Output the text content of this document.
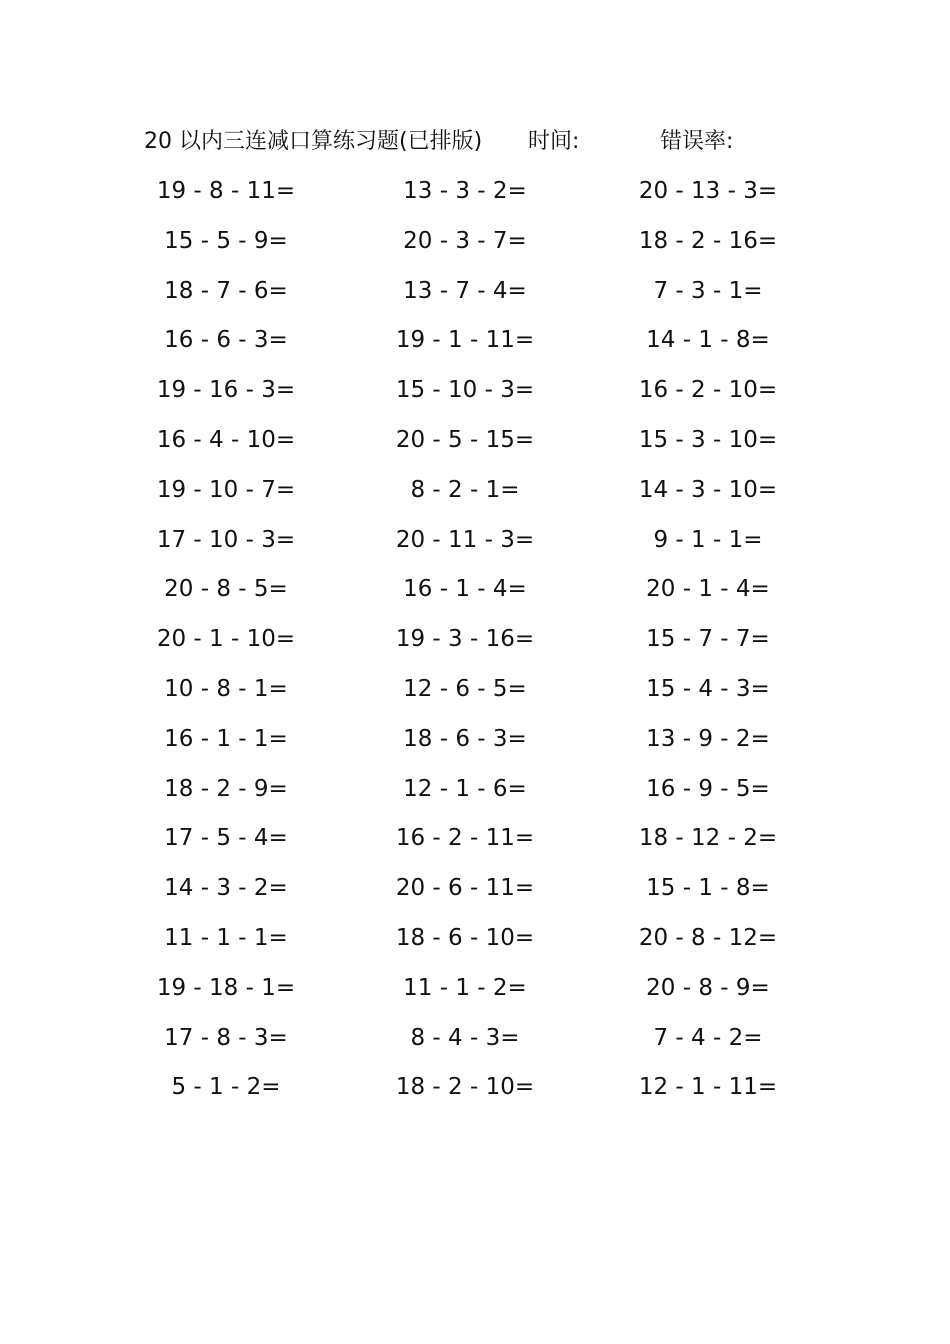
20 以内三连减口算练习题(已排版) 时间:	错误率:
19 - 8 - 11=	13 - 3 - 2=	20 - 13 - 3=
15 - 5 - 9=	20 - 3 - 7=	18 - 2 - 16=
18 - 7 - 6=	13 - 7 - 4=	7 - 3 - 1=
16 - 6 - 3=	19 - 1 - 11=	14 - 1 - 8=
19 - 16 - 3=	15 - 10 - 3=	16 - 2 - 10=
16 - 4 - 10=	20 - 5 - 15=	15 - 3 - 10=
19 - 10 - 7=	8 - 2 - 1=	14 - 3 - 10=
17 - 10 - 3=	20 - 11 - 3=	9 - 1 - 1=
20 - 8 - 5=	16 - 1 - 4=	20 - 1 - 4=
20 - 1 - 10=	19 - 3 - 16=	15 - 7 - 7=
10 - 8 - 1=	12 - 6 - 5=	15 - 4 - 3=
16 - 1 - 1=	18 - 6 - 3=	13 - 9 - 2=
18 - 2 - 9=	12 - 1 - 6=	16 - 9 - 5=
17 - 5 - 4=	16 - 2 - 11=	18 - 12 - 2=
14 - 3 - 2=	20 - 6 - 11=	15 - 1 - 8=
11 - 1 - 1=	18 - 6 - 10=	20 - 8 - 12=
19 - 18 - 1=	11 - 1 - 2=	20 - 8 - 9=
17 - 8 - 3=	8 - 4 - 3=	7 - 4 - 2=
5 - 1 - 2=	18 - 2 - 10=	12 - 1 - 11=
